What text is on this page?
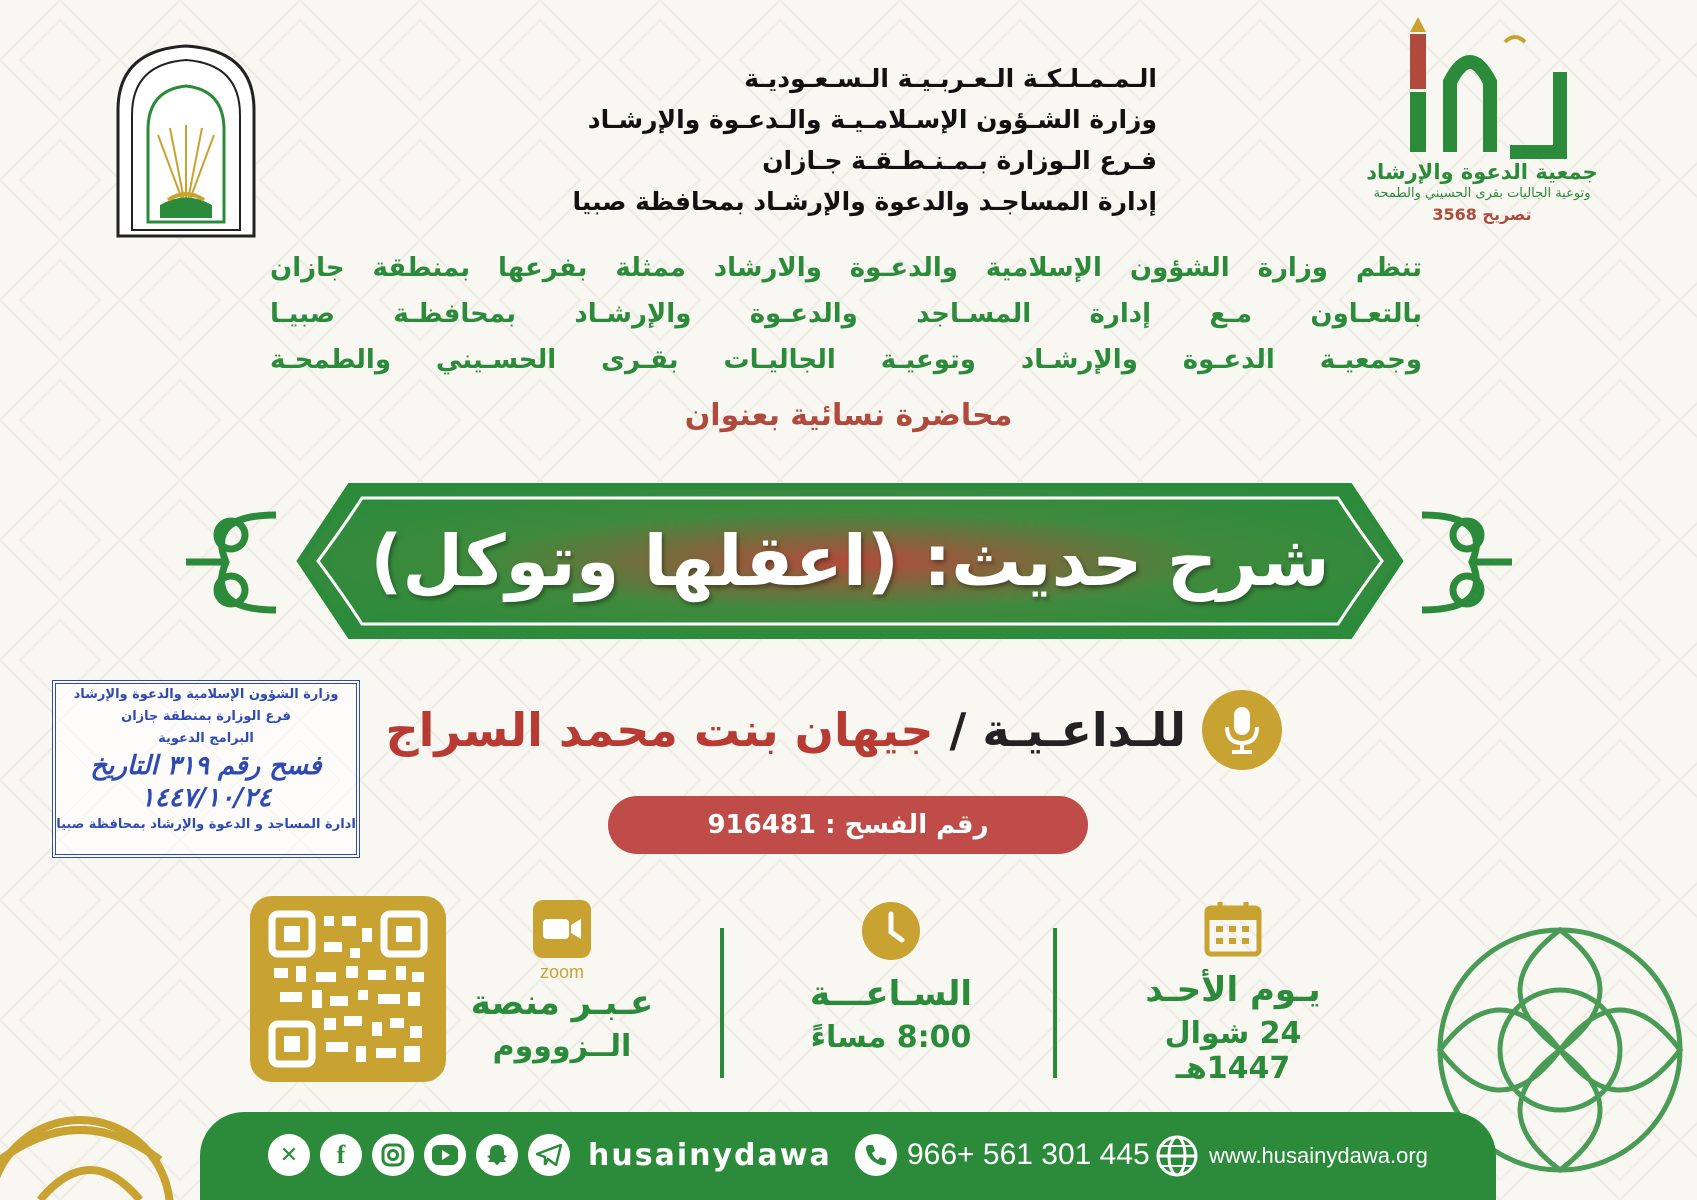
جمعية الدعوة والإرشاد
وتوعية الجاليات بقرى الحسيني والطمحة
تصريح 3568
الـمـمـلـكـة الـعـربـيـة الـسـعـوديـة
وزارة الشـؤون الإسـلامـيـة والـدعـوة والإرشـاد
فـرع الـوزارة بـمـنـطـقـة جـازان
إدارة المساجـد والدعوة والإرشـاد بمحافظة صبيا
تنظم وزارة الشؤون الإسلامية والدعـوة والارشاد ممثلة بفرعها بمنطقة جازان
بالتعـاون مـع إدارة المسـاجد والدعـوة والإرشـاد بمحافظـة صبيـا
وجمعيـة الدعـوة والإرشـاد وتوعيـة الجاليـات بقـرى الحسـيني والطمحـة
محاضرة نسائية بعنوان
شرح حديث: (اعقلها وتوكل)
للـداعـيـة / جيهان بنت محمد السراج
رقم الفسح : 916481
وزارة الشؤون الإسلامية والدعوة والإرشاد
فرع الوزارة بمنطقة جازان
البرامج الدعوية
فسح رقم ٣١٩ التاريخ ١٤٤٧/١٠/٢٤
ادارة المساجد و الدعوة والإرشاد بمحافظة صبيا
يـوم الأحـد
24 شوال 1447هـ
السـاعـــة
8:00 مساءً
zoom
عـبـر منصة
الــزوووم
www.husainydawa.org
966+ 561 301 445
✕	f	husainydawa
